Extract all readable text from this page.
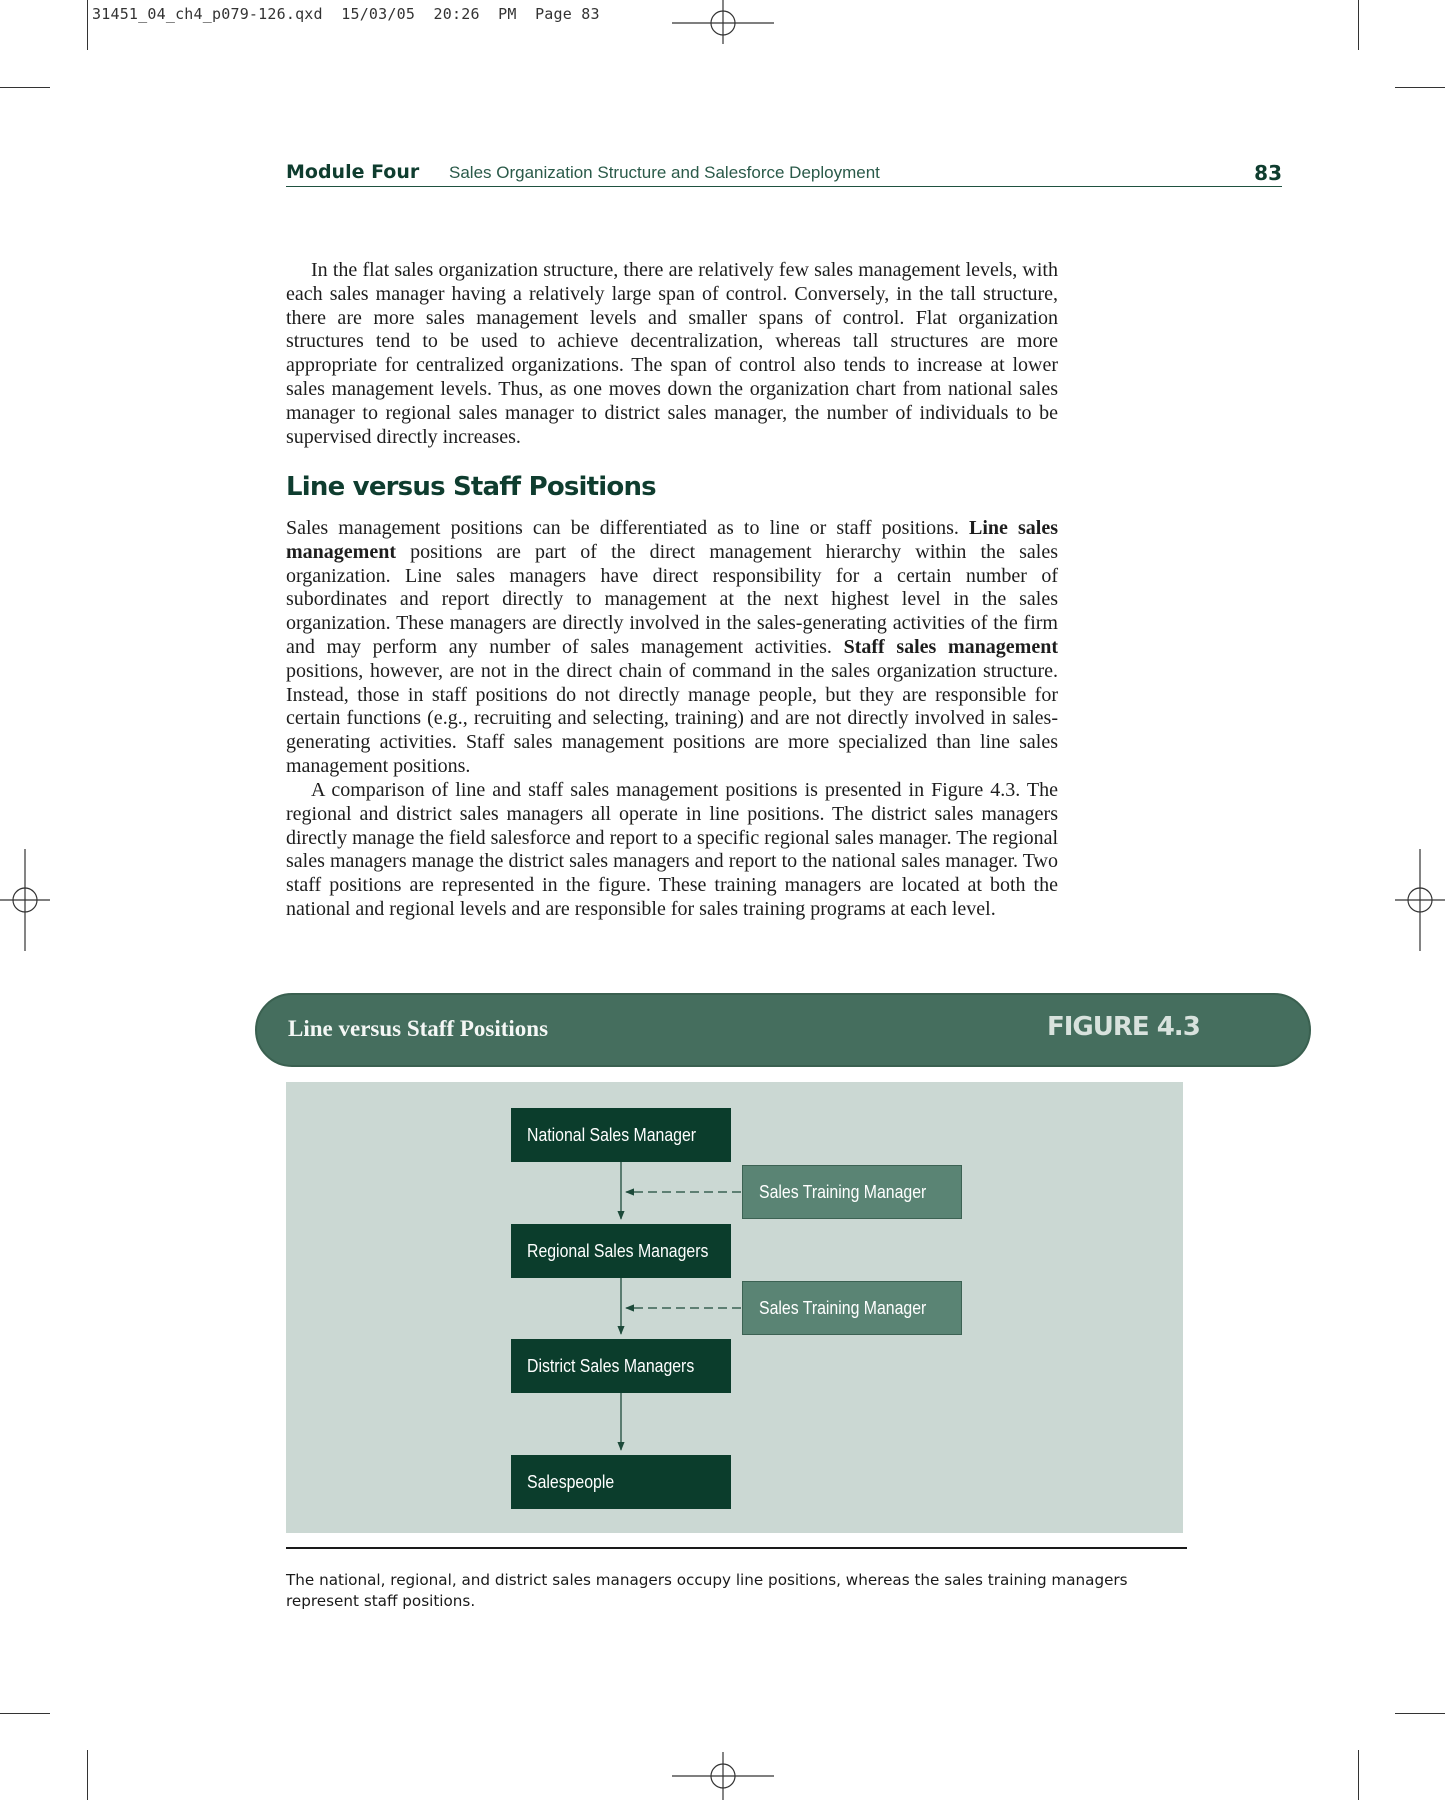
31451_04_ch4_p079-126.qxd  15/03/05  20:26  PM  Page 83
Module Four Sales Organization Structure and Salesforce Deployment	83
In the flat sales organization structure, there are relatively few sales management levels, with each sales manager having a relatively large span of control. Conversely, in the tall structure, there are more sales management levels and smaller spans of control. Flat organization structures tend to be used to achieve decentralization, whereas tall structures are more appropriate for centralized organizations. The span of control also tends to increase at lower sales management levels. Thus, as one moves down the organization chart from national sales manager to regional sales manager to district sales manager, the number of individuals to be supervised directly increases.
Line versus Staff Positions
Sales management positions can be differentiated as to line or staff positions. Line sales management positions are part of the direct management hierarchy within the sales organization. Line sales managers have direct responsibility for a certain number of subordinates and report directly to management at the next highest level in the sales organization. These managers are directly involved in the sales-generating activities of the firm and may perform any number of sales management activities. Staff sales management positions, however, are not in the direct chain of command in the sales organization structure. Instead, those in staff positions do not directly manage people, but they are responsible for certain functions (e.g., recruiting and selecting, training) and are not directly involved in sales-generating activities. Staff sales management positions are more specialized than line sales management positions.
A comparison of line and staff sales management positions is presented in Figure 4.3. The regional and district sales managers all operate in line positions. The district sales managers directly manage the field salesforce and report to a specific regional sales manager. The regional sales managers manage the district sales managers and report to the national sales manager. Two staff positions are represented in the figure. These training managers are located at both the national and regional levels and are responsible for sales training programs at each level.
Line versus Staff Positions	FIGURE 4.3
National Sales Manager
Sales Training Manager
Regional Sales Managers
Sales Training Manager
District Sales Managers
Salespeople
The national, regional, and district sales managers occupy line positions, whereas the sales training managers represent staff positions.
